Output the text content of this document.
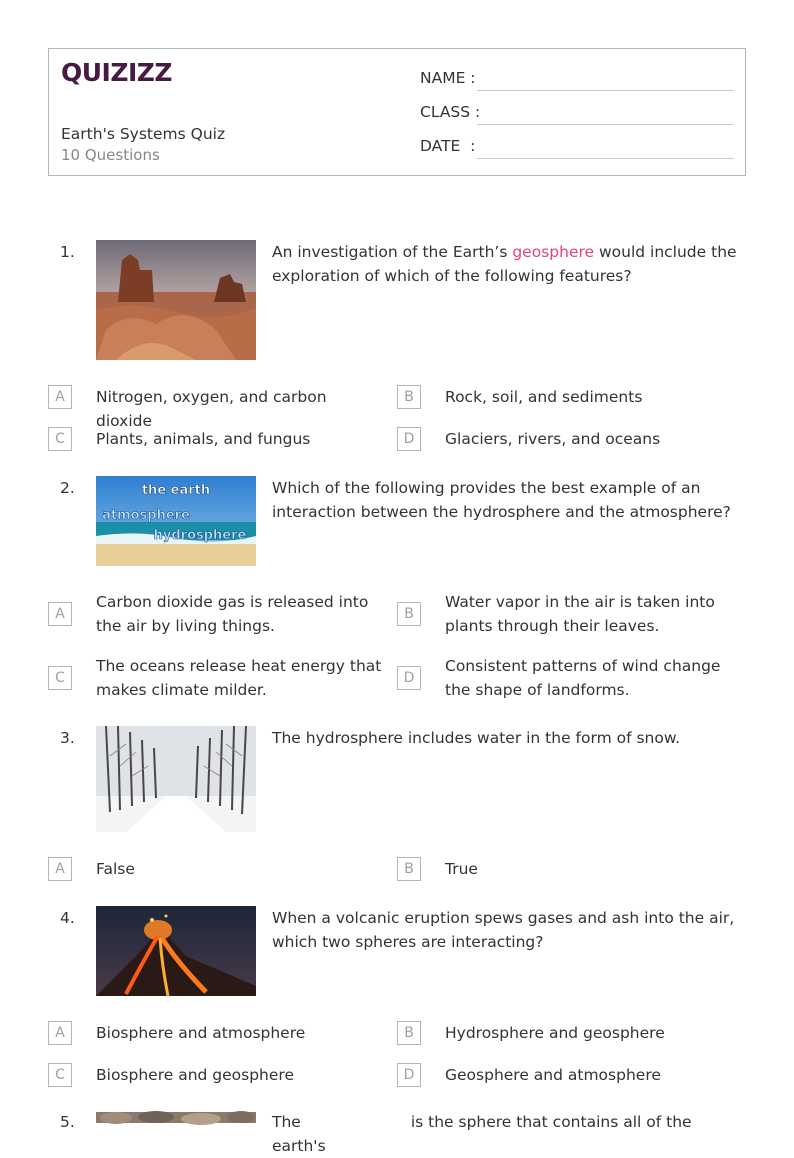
QUIZIZZ
Earth's Systems Quiz
10 Questions
NAME :
CLASS :
DATE  :
1.	An investigation of the Earth’s geosphere would include the exploration of which of the following features?
A	Nitrogen, oxygen, and carbon dioxide
B	Rock, soil, and sediments
C	Plants, animals, and fungus	D	Glaciers, rivers, and oceans
2.	the earth
atmosphere
hydrosphere
Which of the following provides the best example of an interaction between the hydrosphere and the atmosphere?
A
Carbon dioxide gas is released into the air by living things.
B
Water vapor in the air is taken into plants through their leaves.
C
The oceans release heat energy that makes climate milder.
D
Consistent patterns of wind change the shape of landforms.
3.	The hydrosphere includes water in the form of snow.
A	False	B	True
4.	When a volcanic eruption spews gases and ash into the air, which two spheres are interacting?
A	Biosphere and atmosphere	B	Hydrosphere and geosphere
C	Biosphere and geosphere	D	Geosphere and atmosphere
5.	The	is the sphere that contains all of the earth's
